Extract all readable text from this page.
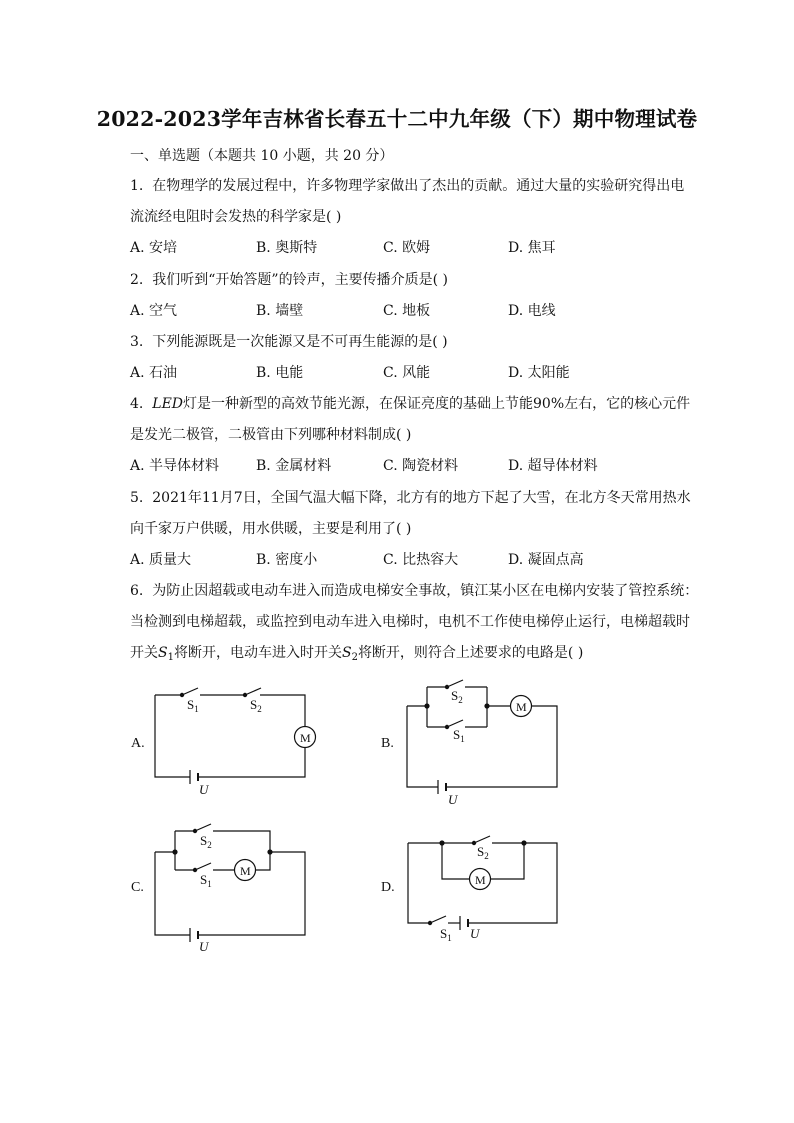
2022-2023学年吉林省长春五十二中九年级（下）期中物理试卷
一、单选题（本题共 10 小题，共 20 分）
1. 在物理学的发展过程中，许多物理学家做出了杰出的贡献。通过大量的实验研究得出电
流流经电阻时会发热的科学家是( )
A. 安培	B. 奥斯特	C. 欧姆	D. 焦耳
2. 我们听到“开始答题”的铃声，主要传播介质是( )
A. 空气	B. 墙壁	C. 地板	D. 电线
3. 下列能源既是一次能源又是不可再生能源的是( )
A. 石油	B. 电能	C. 风能	D. 太阳能
4. LED灯是一种新型的高效节能光源，在保证亮度的基础上节能90%左右，它的核心元件
是发光二极管，二极管由下列哪种材料制成( )
A. 半导体材料	B. 金属材料	C. 陶瓷材料	D. 超导体材料
5. 2021年11月7日，全国气温大幅下降，北方有的地方下起了大雪，在北方冬天常用热水
向千家万户供暖，用水供暖，主要是利用了( )
A. 质量大	B. 密度小	C. 比热容大	D. 凝固点高
6. 为防止因超载或电动车进入而造成电梯安全事故，镇江某小区在电梯内安装了管控系统：
当检测到电梯超载，或监控到电动车进入电梯时，电机不工作使电梯停止运行，电梯超载时
开关$S_1$将断开，电动车进入时开关$S_2$将断开，则符合上述要求的电路是( )
A.	M
$S_1$	$S_2$
U
B.
M
$S_2$
$S_1$
U
C.
M
$S_2$
$S_1$
U
D.	M
$S_2$
$S_1$ U
